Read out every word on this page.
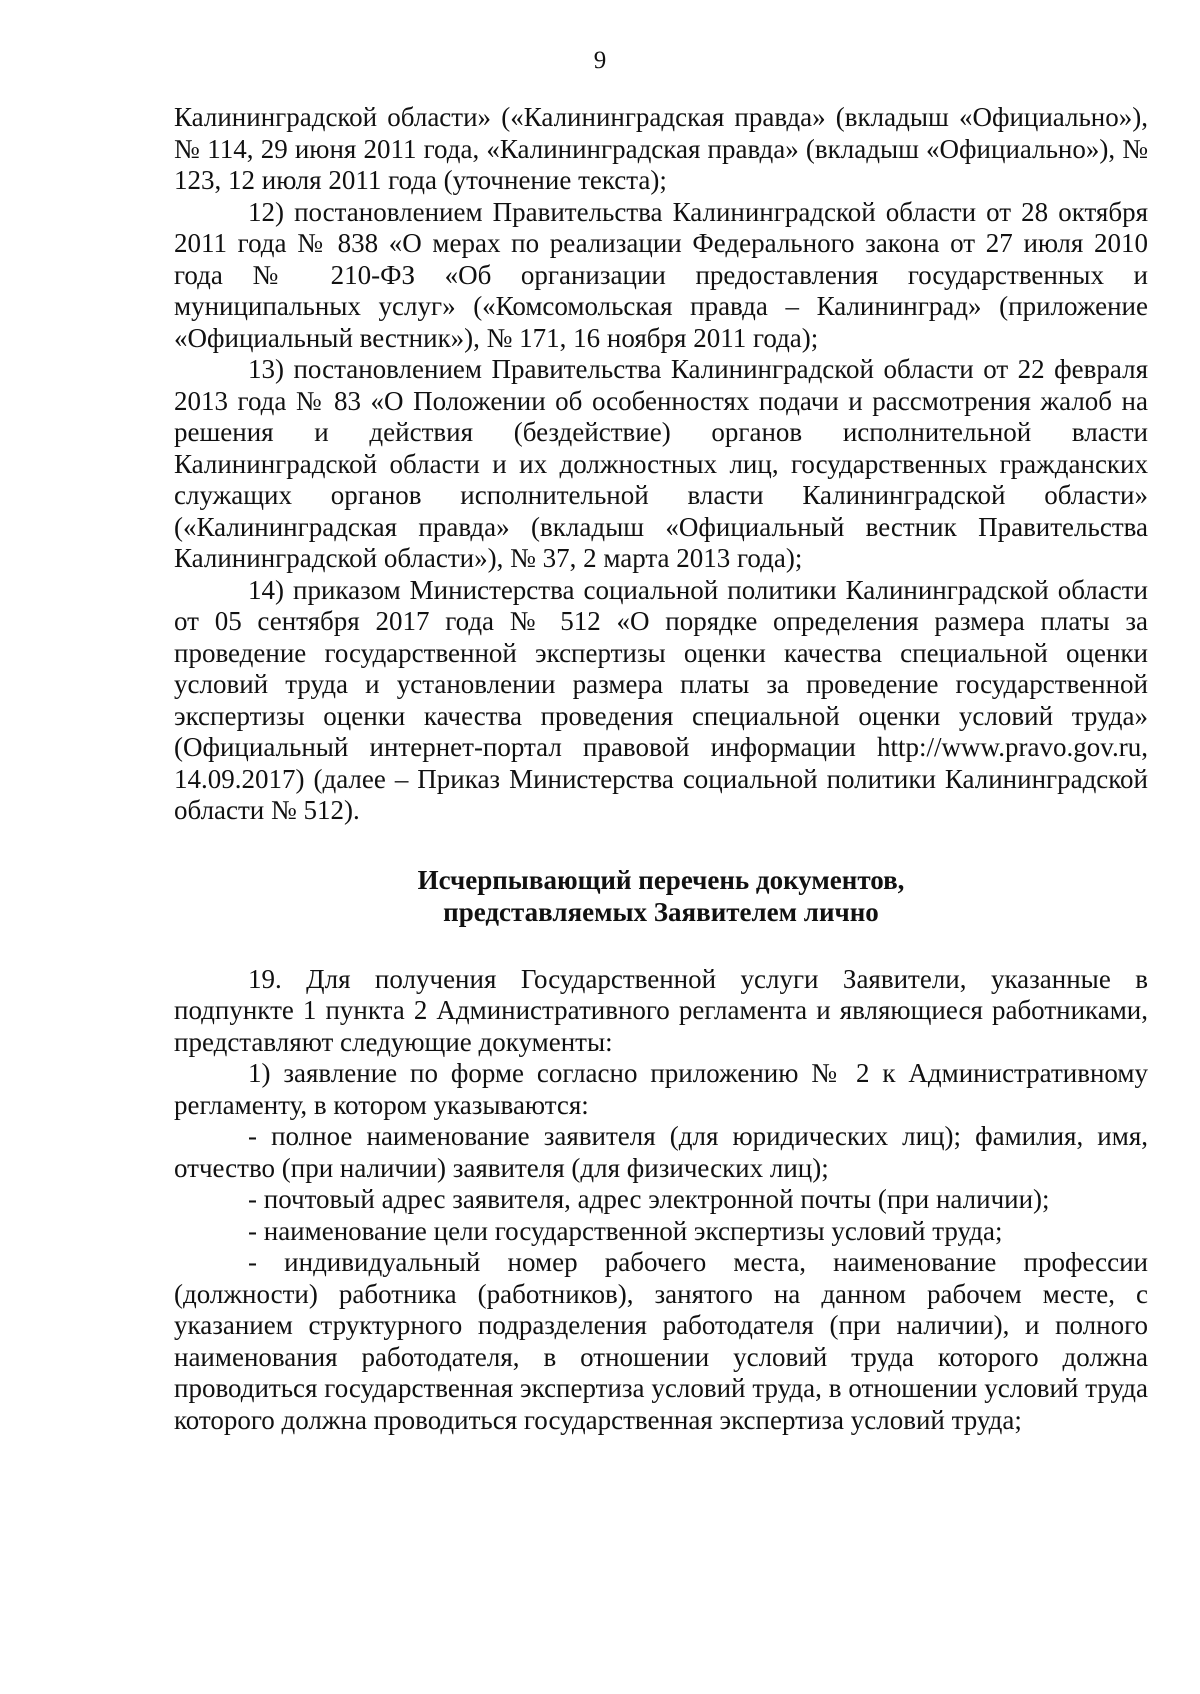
9

Калининградской области» («Калининградская правда» (вкладыш «Официально»), № 114, 29 июня 2011 года, «Калининградская правда» (вкладыш «Официально»), № 123, 12 июля 2011 года (уточнение текста);

12) постановлением Правительства Калининградской области от 28 октября 2011 года № 838 «О мерах по реализации Федерального закона от 27 июля 2010 года № 210-ФЗ «Об организации предоставления государственных и муниципальных услуг» («Комсомольская правда – Калининград» (приложение «Официальный вестник»), № 171, 16 ноября 2011 года);

13) постановлением Правительства Калининградской области от 22 февраля 2013 года № 83 «О Положении об особенностях подачи и рассмотрения жалоб на решения и действия (бездействие) органов исполнительной власти Калининградской области и их должностных лиц, государственных гражданских служащих органов исполнительной власти Калининградской области» («Калининградская правда» (вкладыш «Официальный вестник Правительства Калининградской области»), № 37, 2 марта 2013 года);

14) приказом Министерства социальной политики Калининградской области от 05 сентября 2017 года № 512 «О порядке определения размера платы за проведение государственной экспертизы оценки качества специальной оценки условий труда и установлении размера платы за проведение государственной экспертизы оценки качества проведения специальной оценки условий труда» (Официальный интернет-портал правовой информации http://www.pravo.gov.ru, 14.09.2017) (далее – Приказ Министерства социальной политики Калининградской области № 512).

Исчерпывающий перечень документов,
представляемых Заявителем лично

19. Для получения Государственной услуги Заявители, указанные в подпункте 1 пункта 2 Административного регламента и являющиеся работниками, представляют следующие документы:

1) заявление по форме согласно приложению № 2 к Административному регламенту, в котором указываются:

- полное наименование заявителя (для юридических лиц); фамилия, имя, отчество (при наличии) заявителя (для физических лиц);

- почтовый адрес заявителя, адрес электронной почты (при наличии);

- наименование цели государственной экспертизы условий труда;

- индивидуальный номер рабочего места, наименование профессии (должности) работника (работников), занятого на данном рабочем месте, с указанием структурного подразделения работодателя (при наличии), и полного наименования работодателя, в отношении условий труда которого должна проводиться государственная экспертиза условий труда, в отношении условий труда которого должна проводиться государственная экспертиза условий труда;
